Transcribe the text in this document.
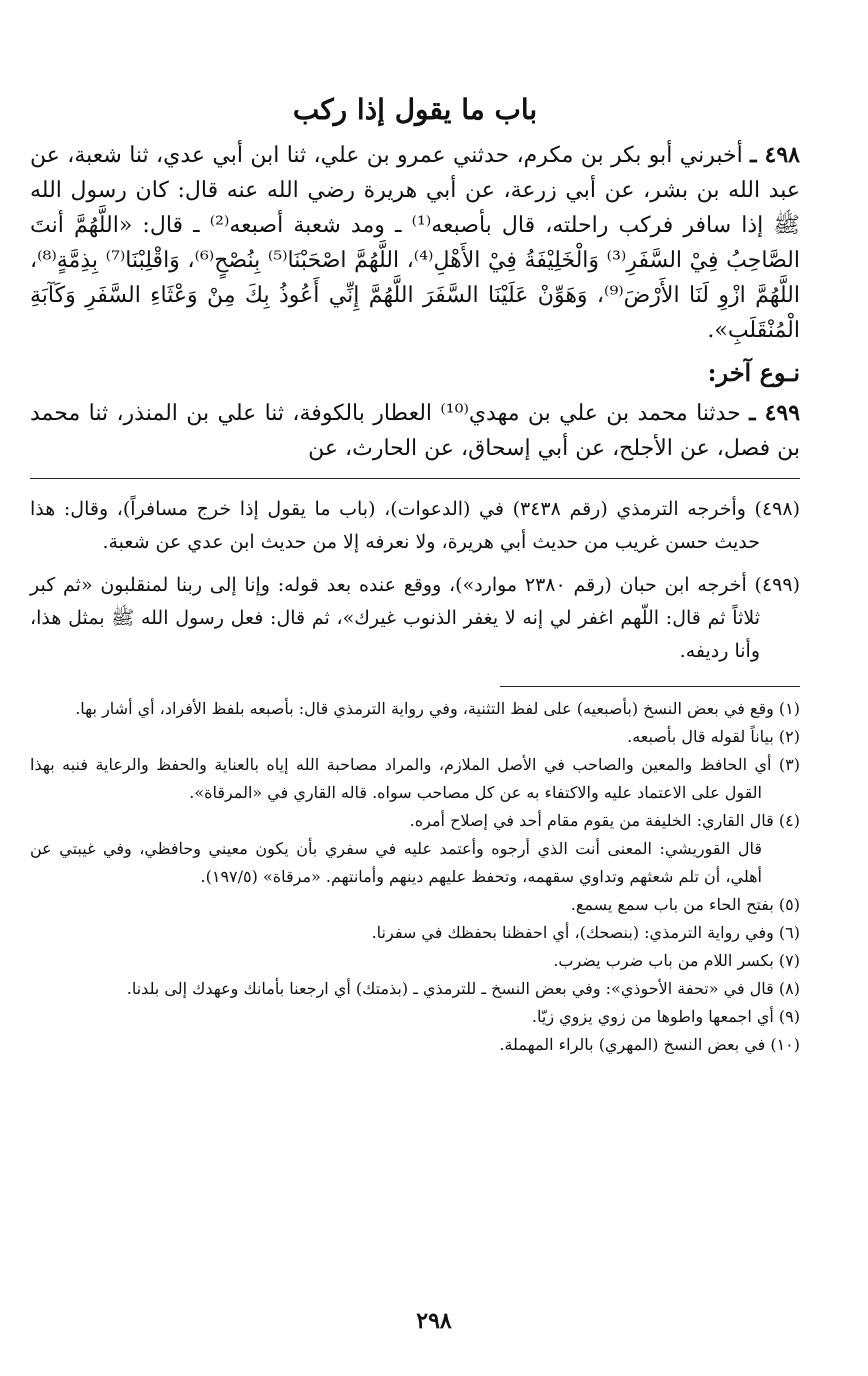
باب ما يقول إذا ركب

٤٩٨ ـ أخبرني أبو بكر بن مكرم، حدثني عمرو بن علي، ثنا ابن أبي عدي، ثنا شعبة، عن عبد الله بن بشر، عن أبي زرعة، عن أبي هريرة رضي الله عنه قال: كان رسول الله ﷺ إذا سافر فركب راحلته، قال بأصبعه⁽¹⁾ ـ ومد شعبة أصبعه⁽²⁾ ـ قال: «اللَّهُمَّ أنتَ الصَّاحِبُ فِيْ السَّفَرِ⁽³⁾ وَالْخَلِيْفَةُ فِيْ الأَهْلِ⁽⁴⁾، اللَّهُمَّ اصْحَبْنَا⁽⁵⁾ بِنُصْحٍ⁽⁶⁾، وَاقْلِبْنَا⁽⁷⁾ بِذِمَّةٍ⁽⁸⁾، اللَّهُمَّ ازْوِ لَنَا الأَرْضَ⁽⁹⁾، وَهَوِّنْ عَلَيْنَا السَّفَرَ اللَّهُمَّ إِنِّي أَعُوذُ بِكَ مِنْ وَعْثَاءِ السَّفَرِ وَكَآبَةِ الْمُنْقَلَبِ».

نـوع آخر:

٤٩٩ ـ حدثنا محمد بن علي بن مهدي⁽¹⁰⁾ العطار بالكوفة، ثنا علي بن المنذر، ثنا محمد بن فصل، عن الأجلح، عن أبي إسحاق، عن الحارث، عن

(٤٩٨) وأخرجه الترمذي (رقم ٣٤٣٨) في (الدعوات)، (باب ما يقول إذا خرج مسافراً)، وقال: هذا حديث حسن غريب من حديث أبي هريرة، ولا نعرفه إلا من حديث ابن عدي عن شعبة.

(٤٩٩) أخرجه ابن حبان (رقم ٢٣٨٠ موارد»)، ووقع عنده بعد قوله: وإنا إلى ربنا لمنقلبون «ثم كبر ثلاثاً ثم قال: اللّهم اغفر لي إنه لا يغفر الذنوب غيرك»، ثم قال: فعل رسول الله ﷺ بمثل هذا، وأنا رديفه.

(١) وقع في بعض النسخ (بأصبعيه) على لفظ التثنية، وفي رواية الترمذي قال: بأصبعه بلفظ الأفراد، أي أشار بها.

(٢) بياناً لقوله قال بأصبعه.

(٣) أي الحافظ والمعين والصاحب في الأصل الملازم، والمراد مصاحبة الله إياه بالعناية والحفظ والرعاية فنبه بهذا القول على الاعتماد عليه والاكتفاء به عن كل مصاحب سواه. قاله القاري في «المرقاة».

(٤) قال القاري: الخليفة من يقوم مقام أحد في إصلاح أمره.

قال القوريشي: المعنى أنت الذي أرجوه وأعتمد عليه في سفري بأن يكون معيني وحافظي، وفي غيبتي عن أهلي، أن تلم شعثهم وتداوي سقهمه، وتحفظ عليهم دينهم وأمانتهم. «مرقاة» (١٩٧/٥).

(٥) بفتح الحاء من باب سمع يسمع.

(٦) وفي رواية الترمذي: (بنصحك)، أي احفظنا بحفظك في سفرنا.

(٧) بكسر اللام من باب ضرب يضرب.

(٨) قال في «تحفة الأحوذي»: وفي بعض النسخ ـ للترمذي ـ (بذمتك) أي ارجعنا بأمانك وعهدك إلى بلدنا.

(٩) أي اجمعها واطوها من زوي يزوي زيّا.

(١٠) في بعض النسخ (المهري) بالراء المهملة.

٢٩٨
